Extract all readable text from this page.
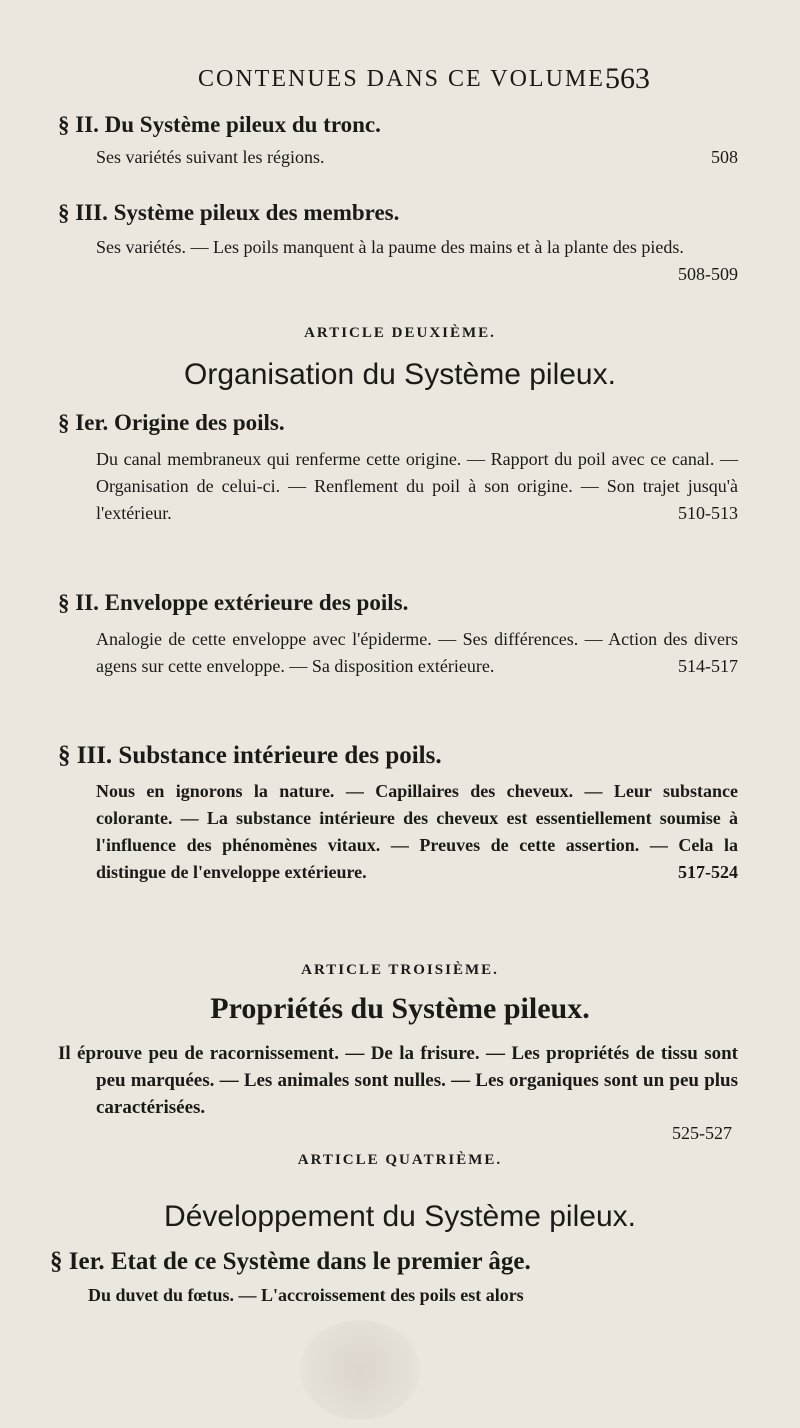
CONTENUES DANS CE VOLUME.
563
§ II. Du Système pileux du tronc.
Ses variétés suivant les régions.	508
§ III. Système pileux des membres.
Ses variétés. — Les poils manquent à la paume des mains et à la plante des pieds.
508-509
ARTICLE DEUXIÈME.
Organisation du Système pileux.
§ Ier. Origine des poils.
Du canal membraneux qui renferme cette origine. — Rapport du poil avec ce canal. — Organisation de celui-ci. — Renflement du poil à son origine. — Son trajet jusqu'à l'extérieur.	510-513
§ II. Enveloppe extérieure des poils.
Analogie de cette enveloppe avec l'épiderme. — Ses différences. — Action des divers agens sur cette enveloppe. — Sa disposition extérieure.	514-517
§ III. Substance intérieure des poils.
Nous en ignorons la nature. — Capillaires des cheveux. — Leur substance colorante. — La substance intérieure des cheveux est essentiellement soumise à l'influence des phénomènes vitaux. — Preuves de cette assertion. — Cela la distingue de l'enveloppe extérieure.	517-524
ARTICLE TROISIÈME.
Propriétés du Système pileux.
Il éprouve peu de racornissement. — De la frisure. — Les propriétés de tissu sont peu marquées. — Les animales sont nulles. — Les organiques sont un peu plus caractérisées.
525-527
ARTICLE QUATRIÈME.
Développement du Système pileux.
§ Ier. Etat de ce Système dans le premier âge.
Du duvet du fœtus. — L'accroissement des poils est alors
